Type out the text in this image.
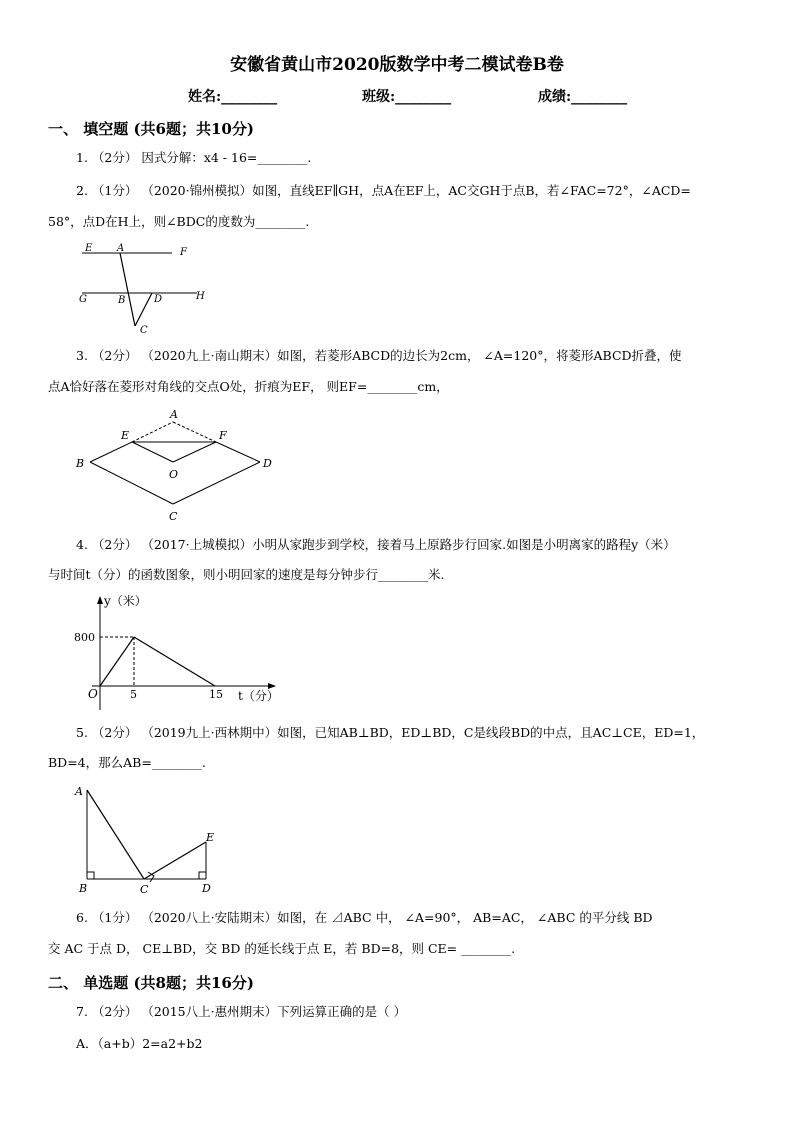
安徽省黄山市2020版数学中考二模试卷B卷
姓名:________	班级:________	成绩:________
一、 填空题 (共6题；共10分)
1. （2分） 因式分解：x4 - 16=________.
2. （1分） （2020·锦州模拟）如图，直线EF∥GH，点A在EF上，AC交GH于点B，若∠FAC=72°，∠ACD=
58°，点D在H上，则∠BDC的度数为________.
E A	F
G	B	D	H
C
3. （2分） （2020九上·南山期末）如图，若菱形ABCD的边长为2cm， ∠A=120°，将菱形ABCD折叠，使
点A恰好落在菱形对角线的交点O处，折痕为EF， 则EF=________cm，
A
E	F
B
O
D
C
4. （2分） （2017·上城模拟）小明从家跑步到学校，接着马上原路步行回家.如图是小明离家的路程y（米）
与时间t（分）的函数图象，则小明回家的速度是每分钟步行________米.
y（米）
800
O	5	15 t（分）
5. （2分） （2019九上·西林期中）如图，已知AB⊥BD，ED⊥BD，C是线段BD的中点，且AC⊥CE，ED=1，
BD=4，那么AB=________.
A
E
B	C	D
6. （1分） （2020八上·安陆期末）如图，在 ⊿ABC 中， ∠A=90°， AB=AC， ∠ABC 的平分线 BD
交 AC 于点 D， CE⊥BD，交 BD 的延长线于点 E，若 BD=8，则 CE= ________.
二、 单选题 (共8题；共16分)
7. （2分） （2015八上·惠州期末）下列运算正确的是（ ）
A．（a+b）2=a2+b2
